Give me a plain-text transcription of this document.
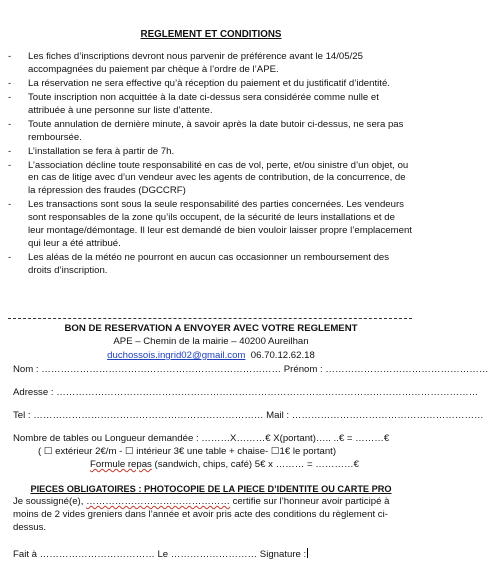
REGLEMENT ET CONDITIONS
- Les fiches d’inscriptions devront nous parvenir de préférence avant le 14/05/25 accompagnées du paiement par chèque à l’ordre de l’APE.
- La réservation ne sera effective qu’à réception du paiement et du justificatif d’identité.
- Toute inscription non acquittée à la date ci-dessus sera considérée comme nulle et attribuée à une personne sur liste d’attente.
- Toute annulation de dernière minute, à savoir après la date butoir ci-dessus, ne sera pas remboursée.
- L’installation se fera à partir de 7h.
- L’association décline toute responsabilité en cas de vol, perte, et/ou sinistre d’un objet, ou en cas de litige avec d’un vendeur avec les agents de contribution, de la concurrence, de la répression des fraudes (DGCCRF)
- Les transactions sont sous la seule responsabilité des parties concernées. Les vendeurs sont responsables de la zone qu’ils occupent, de la sécurité de leurs installations et de leur montage/démontage. Il leur est demandé de bien vouloir laisser propre l’emplacement qui leur a été attribué.
- Les aléas de la météo ne pourront en aucun cas occasionner un remboursement des droits d’inscription.
BON DE RESERVATION A ENVOYER AVEC VOTRE REGLEMENT
APE – Chemin de la mairie – 40200 Aureilhan
duchossois.ingrid02@gmail.com 06.70.12.62.18
Nom : ………………………………………………………………… Prénom : ……………………………………………
Adresse : ……………………………………………………………………………………………………………………
Tel : ……………………………………………………………… Mail : ……………………………………………………
Nombre de tables ou Longueur demandée : ………X………€ X(portant)….. ..€ = ………€
( ☐ extérieur 2€/m - ☐ intérieur 3€ une table + chaise- ☐1€ le portant)
Formule repas (sandwich, chips, café) 5€ x ……… = …………€
PIECES OBLIGATOIRES : PHOTOCOPIE DE LA PIECE D’IDENTITE OU CARTE PRO
Je soussigné(e), ……………………………………… certifie sur l’honneur avoir participé à moins de 2 vides greniers dans l’année et avoir pris acte des conditions du règlement ci-dessus.
Fait à ……………………………… Le ……………………… Signature :
